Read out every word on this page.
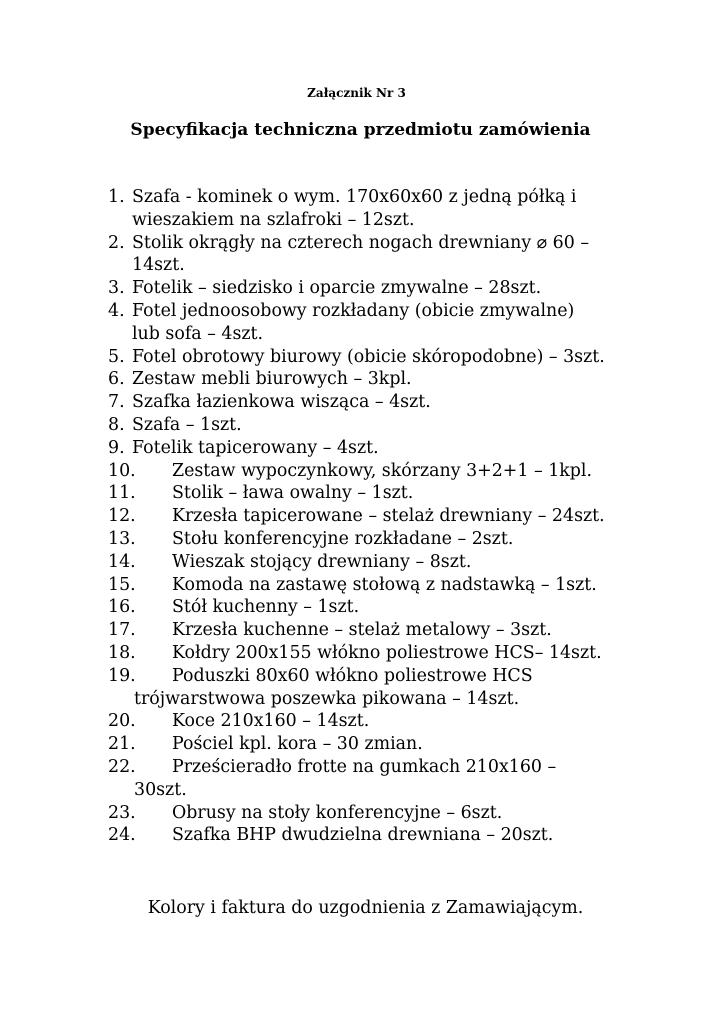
Załącznik Nr 3
Specyfikacja techniczna przedmiotu zamówienia
1. Szafa - kominek o wym. 170x60x60 z jedną półką i
wieszakiem na szlafroki – 12szt.
2. Stolik okrągły na czterech nogach drewniany ⌀ 60 –
14szt.
3. Fotelik – siedzisko i oparcie zmywalne – 28szt.
4. Fotel jednoosobowy rozkładany (obicie zmywalne)
lub sofa – 4szt.
5. Fotel obrotowy biurowy (obicie skóropodobne) – 3szt.
6. Zestaw mebli biurowych – 3kpl.
7. Szafka łazienkowa wisząca – 4szt.
8. Szafa – 1szt.
9. Fotelik tapicerowany – 4szt.
10. Zestaw wypoczynkowy, skórzany 3+2+1 – 1kpl.
11. Stolik – ława owalny – 1szt.
12. Krzesła tapicerowane – stelaż drewniany – 24szt.
13. Stołu konferencyjne rozkładane – 2szt.
14. Wieszak stojący drewniany – 8szt.
15. Komoda na zastawę stołową z nadstawką – 1szt.
16. Stół kuchenny – 1szt.
17. Krzesła kuchenne – stelaż metalowy – 3szt.
18. Kołdry 200x155 włókno poliestrowe HCS– 14szt.
19. Poduszki 80x60 włókno poliestrowe HCS
trójwarstwowa poszewka pikowana – 14szt.
20. Koce 210x160 – 14szt.
21. Pościel kpl. kora – 30 zmian.
22. Prześcieradło frotte na gumkach 210x160 –
30szt.
23. Obrusy na stoły konferencyjne – 6szt.
24. Szafka BHP dwudzielna drewniana – 20szt.
Kolory i faktura do uzgodnienia z Zamawiającym.
